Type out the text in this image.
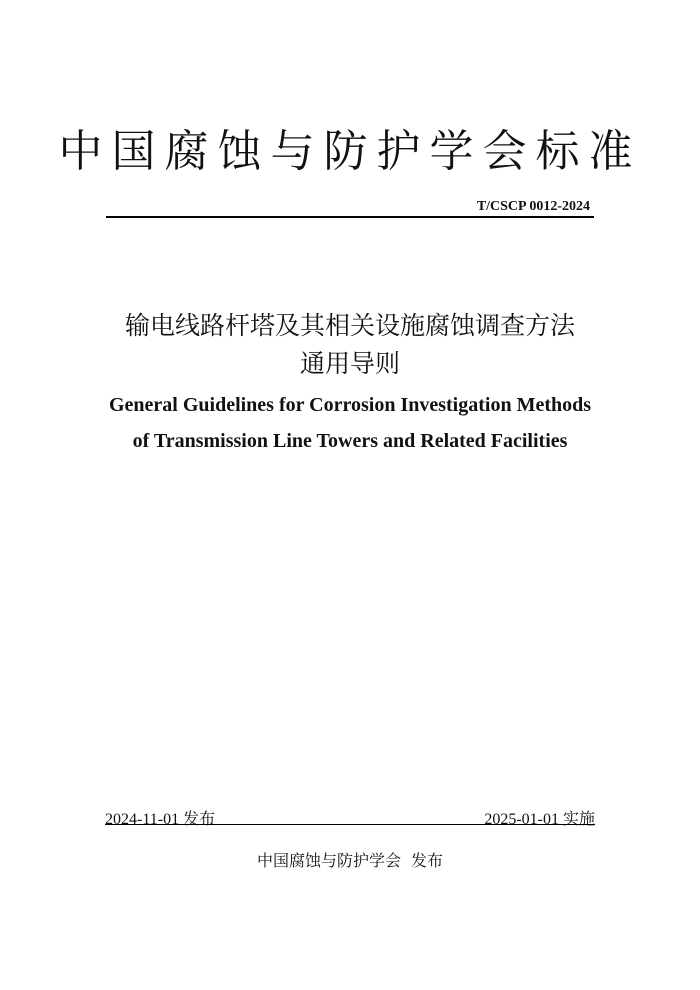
中国腐蚀与防护学会标准
T/CSCP 0012-2024
输电线路杆塔及其相关设施腐蚀调查方法
通用导则
General Guidelines for Corrosion Investigation Methods
of Transmission Line Towers and Related Facilities
2024-11-01 发布	2025-01-01 实施
中国腐蚀与防护学会 发布
